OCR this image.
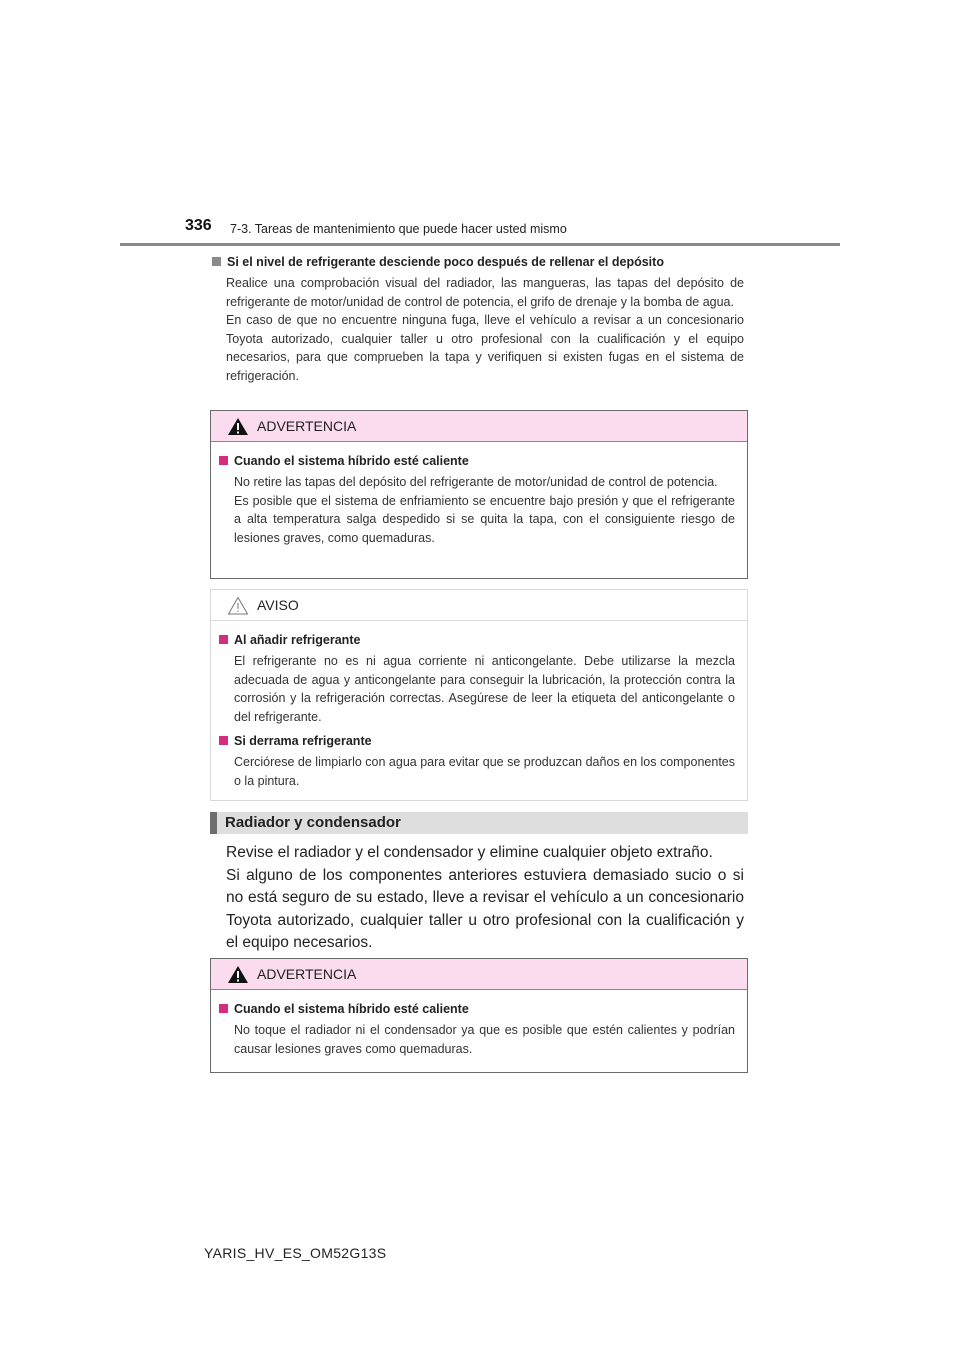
336 7-3. Tareas de mantenimiento que puede hacer usted mismo
Si el nivel de refrigerante desciende poco después de rellenar el depósito

Realice una comprobación visual del radiador, las mangueras, las tapas del depósito de refrigerante de motor/unidad de control de potencia, el grifo de drenaje y la bomba de agua.

En caso de que no encuentre ninguna fuga, lleve el vehículo a revisar a un concesionario Toyota autorizado, cualquier taller u otro profesional con la cualificación y el equipo necesarios, para que comprueben la tapa y verifiquen si existen fugas en el sistema de refrigeración.

ADVERTENCIA
Cuando el sistema híbrido esté caliente

No retire las tapas del depósito del refrigerante de motor/unidad de control de potencia.

Es posible que el sistema de enfriamiento se encuentre bajo presión y que el refrigerante a alta temperatura salga despedido si se quita la tapa, con el consiguiente riesgo de lesiones graves, como quemaduras.

AVISO
Al añadir refrigerante

El refrigerante no es ni agua corriente ni anticongelante. Debe utilizarse la mezcla adecuada de agua y anticongelante para conseguir la lubricación, la protección contra la corrosión y la refrigeración correctas. Asegúrese de leer la etiqueta del anticongelante o del refrigerante.

Si derrama refrigerante

Cerciórese de limpiarlo con agua para evitar que se produzcan daños en los componentes o la pintura.

Radiador y condensador

Revise el radiador y el condensador y elimine cualquier objeto extraño.

Si alguno de los componentes anteriores estuviera demasiado sucio o si no está seguro de su estado, lleve a revisar el vehículo a un concesionario Toyota autorizado, cualquier taller u otro profesional con la cualificación y el equipo necesarios.

ADVERTENCIA
Cuando el sistema híbrido esté caliente

No toque el radiador ni el condensador ya que es posible que estén calientes y podrían causar lesiones graves como quemaduras.

YARIS_HV_ES_OM52G13S
